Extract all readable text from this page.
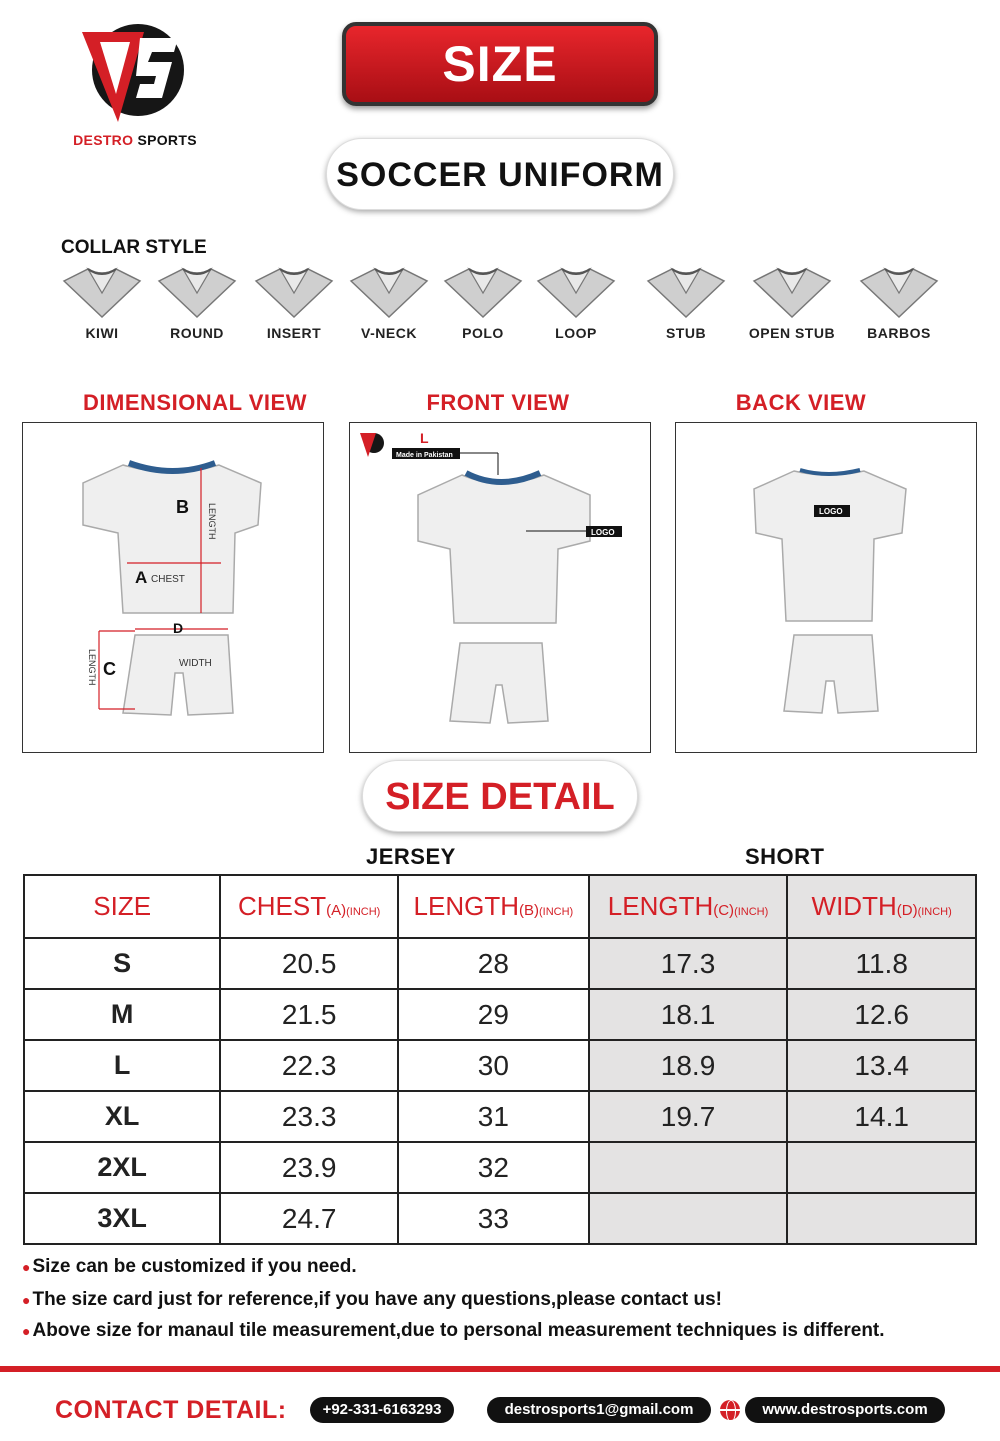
DESTRO SPORTS
SIZE
SOCCER UNIFORM
COLLAR STYLE
KIWI	ROUND	INSERT	V-NECK	POLO	LOOP	STUB	OPEN STUB	BARBOS
DIMENSIONAL VIEW	FRONT VIEW	BACK VIEW
B
A CHEST
D
C	WIDTH
LENGTH
LENGTH
L
Made in Pakistan
LOGO
LOGO
SIZE DETAIL
JERSEY	SHORT
SIZE	CHEST(A)(INCH)	LENGTH(B)(INCH)	LENGTH(C)(INCH)	WIDTH(D)(INCH)
S	20.5	28	17.3	11.8
M	21.5	29	18.1	12.6
L	22.3	30	18.9	13.4
XL	23.3	31	19.7	14.1
2XL	23.9	32		
3XL	24.7	33		
● Size can be customized if you need.
● The size card just for reference,if you have any questions,please contact us!
● Above size for manaul tile measurement,due to personal measurement techniques is different.
CONTACT DETAIL:	+92-331-6163293	destrosports1@gmail.com	www.destrosports.com
